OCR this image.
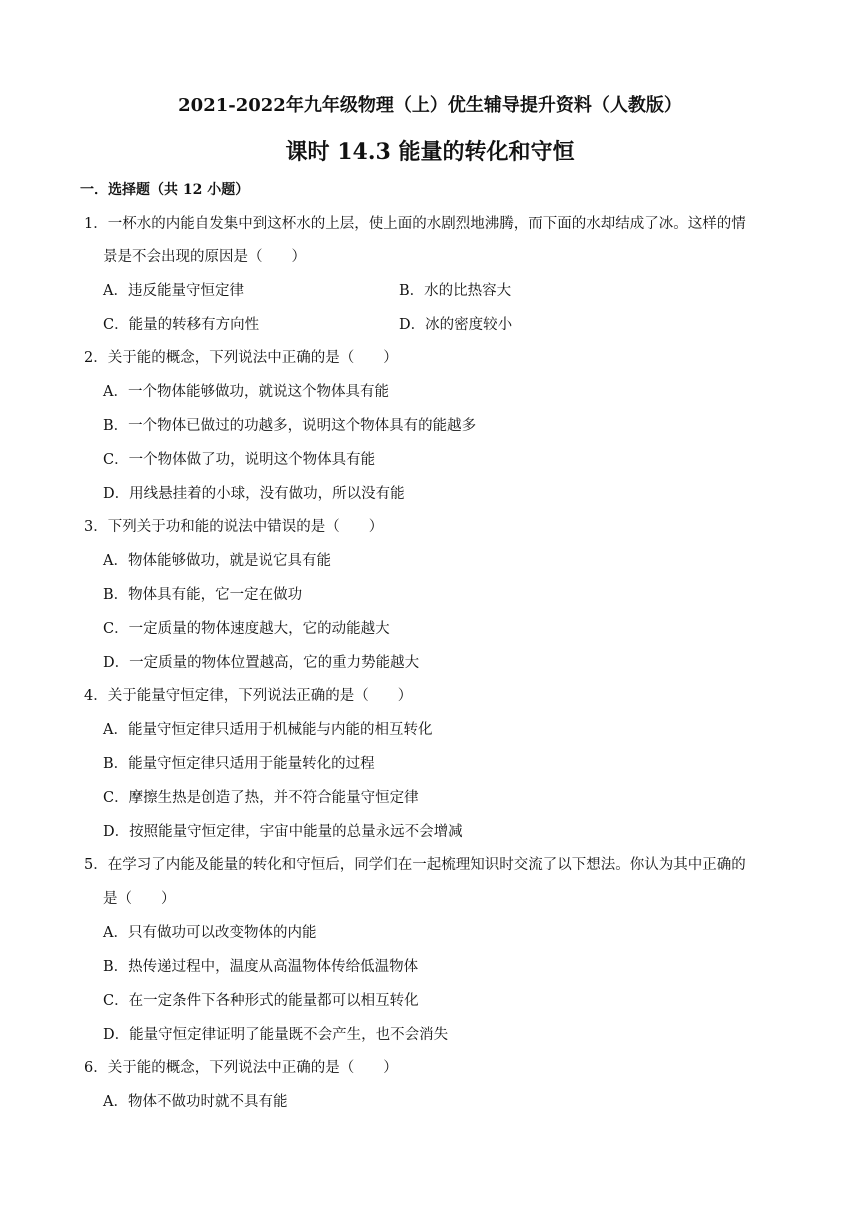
2021-2022年九年级物理（上）优生辅导提升资料（人教版）
课时 14.3 能量的转化和守恒
一．选择题（共 12 小题）
1．一杯水的内能自发集中到这杯水的上层，使上面的水剧烈地沸腾，而下面的水却结成了冰。这样的情
景是不会出现的原因是（　　）
A．违反能量守恒定律	B．水的比热容大
C．能量的转移有方向性	D．冰的密度较小
2．关于能的概念，下列说法中正确的是（　　）
A．一个物体能够做功，就说这个物体具有能
B．一个物体已做过的功越多，说明这个物体具有的能越多
C．一个物体做了功，说明这个物体具有能
D．用线悬挂着的小球，没有做功，所以没有能
3．下列关于功和能的说法中错误的是（　　）
A．物体能够做功，就是说它具有能
B．物体具有能，它一定在做功
C．一定质量的物体速度越大，它的动能越大
D．一定质量的物体位置越高，它的重力势能越大
4．关于能量守恒定律，下列说法正确的是（　　）
A．能量守恒定律只适用于机械能与内能的相互转化
B．能量守恒定律只适用于能量转化的过程
C．摩擦生热是创造了热，并不符合能量守恒定律
D．按照能量守恒定律，宇宙中能量的总量永远不会增减
5．在学习了内能及能量的转化和守恒后，同学们在一起梳理知识时交流了以下想法。你认为其中正确的
是（　　）
A．只有做功可以改变物体的内能
B．热传递过程中，温度从高温物体传给低温物体
C．在一定条件下各种形式的能量都可以相互转化
D．能量守恒定律证明了能量既不会产生，也不会消失
6．关于能的概念，下列说法中正确的是（　　）
A．物体不做功时就不具有能
